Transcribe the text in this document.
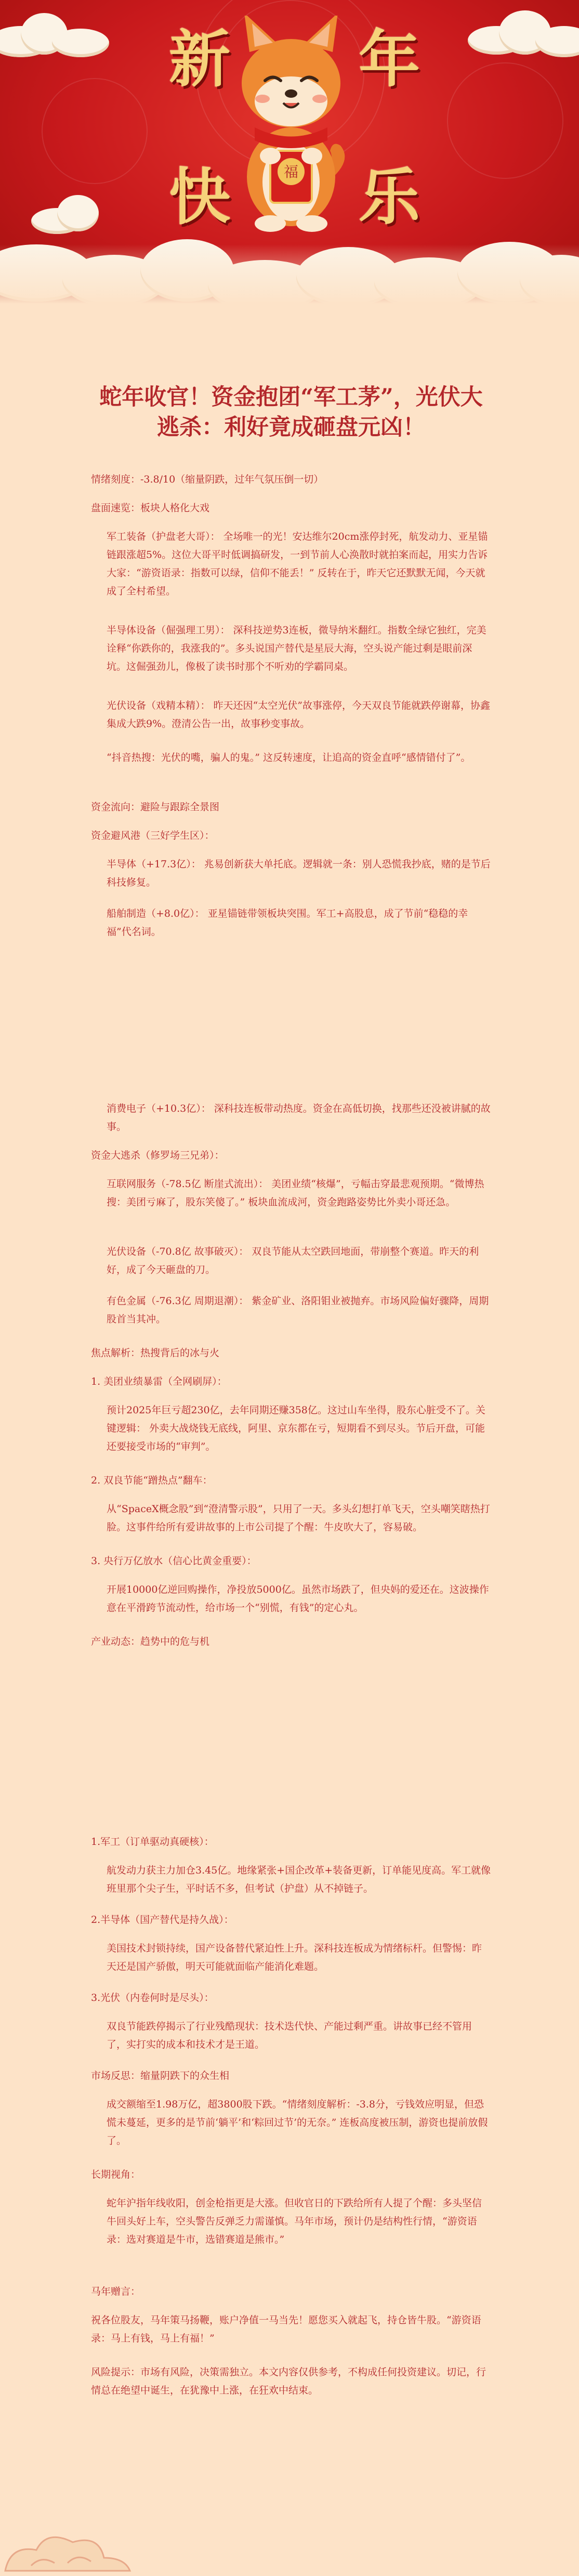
新 年
快 乐
福
蛇年收官！资金抱团“军工茅”，光伏大逃杀：利好竟成砸盘元凶！

情绪刻度：-3.8/10（缩量阴跌，过年气氛压倒一切）

盘面速览：板块人格化大戏

军工装备（护盘老大哥）： 全场唯一的光！安达维尔20cm涨停封死，航发动力、亚星锚链跟涨超5%。这位大哥平时低调搞研发，一到节前人心涣散时就拍案而起，用实力告诉大家：“游资语录：指数可以绿，信仰不能丢！” 反转在于，昨天它还默默无闻，今天就成了全村希望。

半导体设备（倔强理工男）： 深科技逆势3连板，微导纳米翻红。指数全绿它独红，完美诠释“你跌你的，我涨我的”。多头说国产替代是星辰大海，空头说产能过剩是眼前深坑。这倔强劲儿，像极了读书时那个不听劝的学霸同桌。

光伏设备（戏精本精）： 昨天还因“太空光伏”故事涨停，今天双良节能就跌停谢幕，协鑫集成大跌9%。澄清公告一出，故事秒变事故。

“抖音热搜：光伏的嘴，骗人的鬼。” 这反转速度，让追高的资金直呼“感情错付了”。

资金流向：避险与跟踪全景图

资金避风港（三好学生区）：

半导体（+17.3亿）： 兆易创新获大单托底。逻辑就一条：别人恐慌我抄底，赌的是节后科技修复。

船舶制造（+8.0亿）： 亚星锚链带领板块突围。军工+高股息，成了节前“稳稳的幸福”代名词。

消费电子（+10.3亿）： 深科技连板带动热度。资金在高低切换，找那些还没被讲腻的故事。

资金大逃杀（修罗场三兄弟）：

互联网服务（-78.5亿 断崖式流出）： 美团业绩“核爆”，亏幅击穿最悲观预期。“微博热搜：美团亏麻了，股东笑傻了。” 板块血流成河，资金跑路姿势比外卖小哥还急。

光伏设备（-70.8亿 故事破灭）： 双良节能从太空跌回地面，带崩整个赛道。昨天的利好，成了今天砸盘的刀。

有色金属（-76.3亿 周期退潮）： 紫金矿业、洛阳钼业被抛弃。市场风险偏好骤降，周期股首当其冲。

焦点解析：热搜背后的冰与火

1. 美团业绩暴雷（全网刷屏）：

预计2025年巨亏超230亿，去年同期还赚358亿。这过山车坐得，股东心脏受不了。关键逻辑： 外卖大战烧钱无底线，阿里、京东都在亏，短期看不到尽头。节后开盘，可能还要接受市场的“审判”。

2. 双良节能“蹭热点”翻车：

从“SpaceX概念股”到“澄清警示股”，只用了一天。多头幻想打单飞天，空头嘲笑瞎热打脸。这事件给所有爱讲故事的上市公司提了个醒：牛皮吹大了，容易破。

3. 央行万亿放水（信心比黄金重要）：

开展10000亿逆回购操作，净投放5000亿。虽然市场跌了，但央妈的爱还在。这波操作意在平滑跨节流动性，给市场一个“别慌，有钱”的定心丸。

产业动态：趋势中的危与机

1.军工（订单驱动真硬核）：

航发动力获主力加仓3.45亿。地缘紧张+国企改革+装备更新，订单能见度高。军工就像班里那个尖子生，平时话不多，但考试（护盘）从不掉链子。

2.半导体（国产替代是持久战）：

美国技术封锁持续，国产设备替代紧迫性上升。深科技连板成为情绪标杆。但警惕：昨天还是国产骄傲，明天可能就面临产能消化难题。

3.光伏（内卷何时是尽头）：

双良节能跌停揭示了行业残酷现状：技术迭代快、产能过剩严重。讲故事已经不管用了，实打实的成本和技术才是王道。

市场反思：缩量阴跌下的众生相

成交额缩至1.98万亿，超3800股下跌。“情绪刻度解析：-3.8分，亏钱效应明显，但恐慌未蔓延，更多的是节前‘躺平’和‘粽回过节’的无奈。” 连板高度被压制，游资也提前放假了。

长期视角：

蛇年沪指年线收阳，创金枪指更是大涨。但收官日的下跌给所有人提了个醒：多头坚信牛回头好上车，空头警告反弹乏力需谨慎。马年市场，预计仍是结构性行情，“游资语录：选对赛道是牛市，选错赛道是熊市。”

马年赠言：

祝各位股友，马年策马扬鞭，账户净值一马当先！愿您买入就起飞，持仓皆牛股。“游资语录：马上有钱，马上有福！”

风险提示：市场有风险，决策需独立。本文内容仅供参考，不构成任何投资建议。切记，行情总在绝望中诞生，在犹豫中上涨，在狂欢中结束。
